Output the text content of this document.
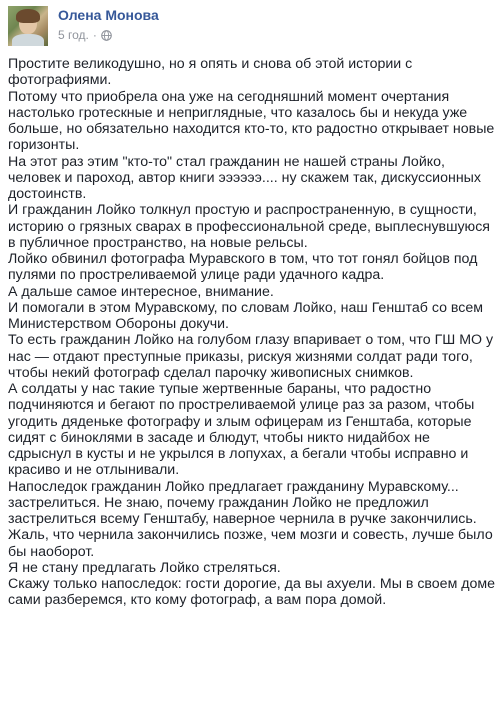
Олена Монова
5 год. ·

Простите великодушно, но я опять и снова об этой истории с фотографиями.

Потому что приобрела она уже на сегодняшний момент очертания настолько гротескные и неприглядные, что казалось бы и некуда уже больше, но обязательно находится кто-то, кто радостно открывает новые горизонты.

На этот раз этим "кто-то" стал гражданин не нашей страны Лойко, человек и пароход, автор книги ээээээ.... ну скажем так, дискуссионных достоинств.

И гражданин Лойко толкнул простую и распространенную, в сущности, историю о грязных сварах в профессиональной среде, выплеснувшуюся в публичное пространство, на новые рельсы.

Лойко обвинил фотографа Муравского в том, что тот гонял бойцов под пулями по простреливаемой улице ради удачного кадра.

А дальше самое интересное, внимание.

И помогали в этом Муравскому, по словам Лойко, наш Генштаб со всем Министерством Обороны докучи.

То есть гражданин Лойко на голубом глазу впаривает о том, что ГШ МО у нас — отдают преступные приказы, рискуя жизнями солдат ради того, чтобы некий фотограф сделал парочку живописных снимков.

А солдаты у нас такие тупые жертвенные бараны, что радостно подчиняются и бегают по простреливаемой улице раз за разом, чтобы угодить дяденьке фотографу и злым офицерам из Генштаба, которые сидят с биноклями в засаде и блюдут, чтобы никто нидайбох не сдрыснул в кусты и не укрылся в лопухах, а бегали чтобы исправно и красиво и не отлынивали.

Напоследок гражданин Лойко предлагает гражданину Муравскому... застрелиться. Не знаю, почему гражданин Лойко не предложил застрелиться всему Генштабу, наверное чернила в ручке закончились. Жаль, что чернила закончились позже, чем мозги и совесть, лучше было бы наоборот.

Я не стану предлагать Лойко стреляться.

Скажу только напоследок: гости дорогие, да вы ахуели. Мы в своем доме сами разберемся, кто кому фотограф, а вам пора домой.
